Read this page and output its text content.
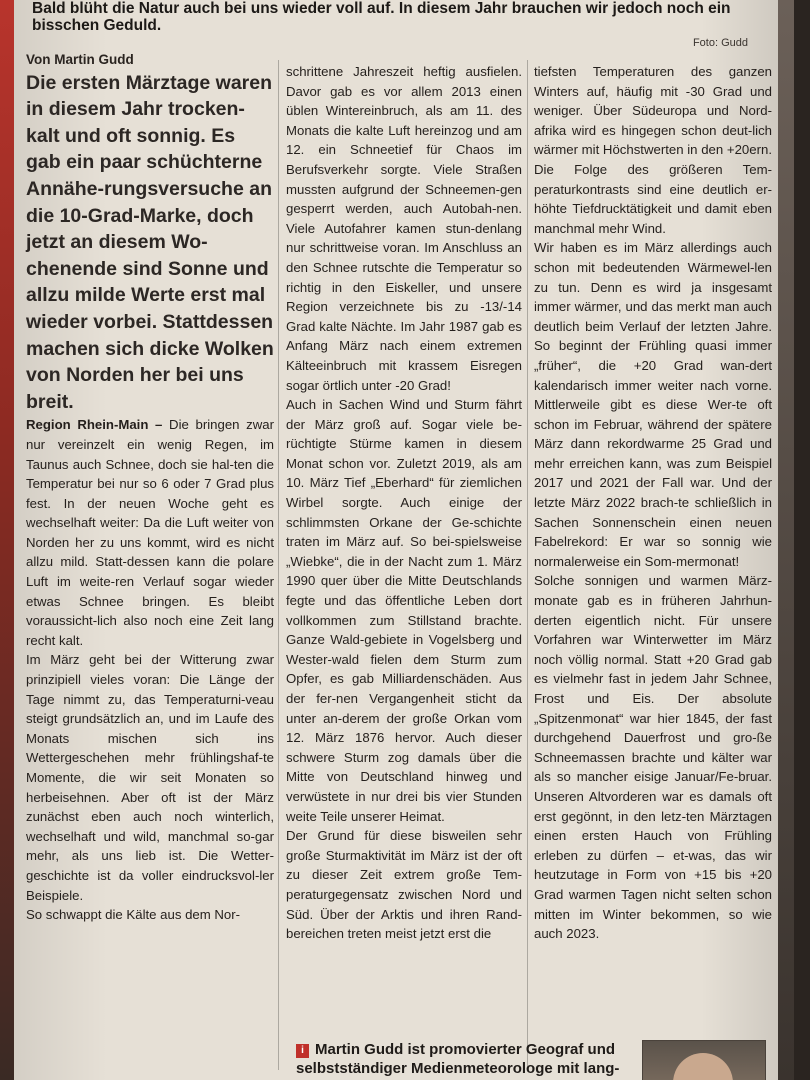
Bald blüht die Natur auch bei uns wieder voll auf. In diesem Jahr brauchen wir jedoch noch ein bisschen Geduld.

Foto: Gudd

Von Martin Gudd

Die ersten Märztage waren in diesem Jahr trocken-kalt und oft sonnig. Es gab ein paar schüchterne Annähe-rungsversuche an die 10-Grad-Marke, doch jetzt an diesem Wo-chenende sind Sonne und allzu milde Werte erst mal wieder vorbei. Stattdessen machen sich dicke Wolken von Norden her bei uns breit.

Region Rhein-Main – Die bringen zwar nur vereinzelt ein wenig Regen, im Taunus auch Schnee, doch sie hal-ten die Temperatur bei nur so 6 oder 7 Grad plus fest. In der neuen Woche geht es wechselhaft weiter: Da die Luft weiter von Norden her zu uns kommt, wird es nicht allzu mild. Statt-dessen kann die polare Luft im weite-ren Verlauf sogar wieder etwas Schnee bringen. Es bleibt voraussicht-lich also noch eine Zeit lang recht kalt.

Im März geht bei der Witterung zwar prinzipiell vieles voran: Die Länge der Tage nimmt zu, das Temperaturni-veau steigt grundsätzlich an, und im Laufe des Monats mischen sich ins Wettergeschehen mehr frühlingshaf-te Momente, die wir seit Monaten so herbeisehnen. Aber oft ist der März zunächst eben auch noch winterlich, wechselhaft und wild, manchmal so-gar mehr, als uns lieb ist. Die Wetter-geschichte ist da voller eindrucksvol-ler Beispiele.

So schwappt die Kälte aus dem Nor-

schrittene Jahreszeit heftig ausfielen. Davor gab es vor allem 2013 einen üblen Wintereinbruch, als am 11. des Monats die kalte Luft hereinzog und am 12. ein Schneetief für Chaos im Berufsverkehr sorgte. Viele Straßen mussten aufgrund der Schneemen-gen gesperrt werden, auch Autobah-nen. Viele Autofahrer kamen stun-denlang nur schrittweise voran. Im Anschluss an den Schnee rutschte die Temperatur so richtig in den Eiskeller, und unsere Region verzeichnete bis zu -13/-14 Grad kalte Nächte. Im Jahr 1987 gab es Anfang März nach einem extremen Kälteeinbruch mit krassem Eisregen sogar örtlich unter -20 Grad!

Auch in Sachen Wind und Sturm fährt der März groß auf. Sogar viele be-rüchtigte Stürme kamen in diesem Monat schon vor. Zuletzt 2019, als am 10. März Tief „Eberhard“ für ziemlichen Wirbel sorgte. Auch einige der schlimmsten Orkane der Ge-schichte traten im März auf. So bei-spielsweise „Wiebke“, die in der Nacht zum 1. März 1990 quer über die Mitte Deutschlands fegte und das öffentliche Leben dort vollkommen zum Stillstand brachte. Ganze Wald-gebiete in Vogelsberg und Wester-wald fielen dem Sturm zum Opfer, es gab Milliardenschäden. Aus der fer-nen Vergangenheit sticht da unter an-derem der große Orkan vom 12. März 1876 hervor. Auch dieser schwere Sturm zog damals über die Mitte von Deutschland hinweg und verwüstete in nur drei bis vier Stunden weite Teile unserer Heimat.

Der Grund für diese bisweilen sehr große Sturmaktivität im März ist der oft zu dieser Zeit extrem große Tem-peraturgegensatz zwischen Nord und Süd. Über der Arktis und ihren Rand-bereichen treten meist jetzt erst die

tiefsten Temperaturen des ganzen Winters auf, häufig mit -30 Grad und weniger. Über Südeuropa und Nord-afrika wird es hingegen schon deut-lich wärmer mit Höchstwerten in den +20ern. Die Folge des größeren Tem-peraturkontrasts sind eine deutlich er-höhte Tiefdrucktätigkeit und damit eben manchmal mehr Wind.

Wir haben es im März allerdings auch schon mit bedeutenden Wärmewel-len zu tun. Denn es wird ja insgesamt immer wärmer, und das merkt man auch deutlich beim Verlauf der letzten Jahre. So beginnt der Frühling quasi immer „früher“, die +20 Grad wan-dert kalendarisch immer weiter nach vorne. Mittlerweile gibt es diese Wer-te oft schon im Februar, während der spätere März dann rekordwarme 25 Grad und mehr erreichen kann, was zum Beispiel 2017 und 2021 der Fall war. Und der letzte März 2022 brach-te schließlich in Sachen Sonnenschein einen neuen Fabelrekord: Er war so sonnig wie normalerweise ein Som-mermonat!

Solche sonnigen und warmen März-monate gab es in früheren Jahrhun-derten eigentlich nicht. Für unsere Vorfahren war Winterwetter im März noch völlig normal. Statt +20 Grad gab es vielmehr fast in jedem Jahr Schnee, Frost und Eis. Der absolute „Spitzenmonat“ war hier 1845, der fast durchgehend Dauerfrost und gro-ße Schneemassen brachte und kälter war als so mancher eisige Januar/Fe-bruar. Unseren Altvorderen war es damals oft erst gegönnt, in den letz-ten Märztagen einen ersten Hauch von Frühling erleben zu dürfen – et-was, das wir heutzutage in Form von +15 bis +20 Grad warmen Tagen nicht selten schon mitten im Winter bekommen, so wie auch 2023.

i Martin Gudd ist promovierter Geograf und selbstständiger Medienmeteorologe mit lang-
